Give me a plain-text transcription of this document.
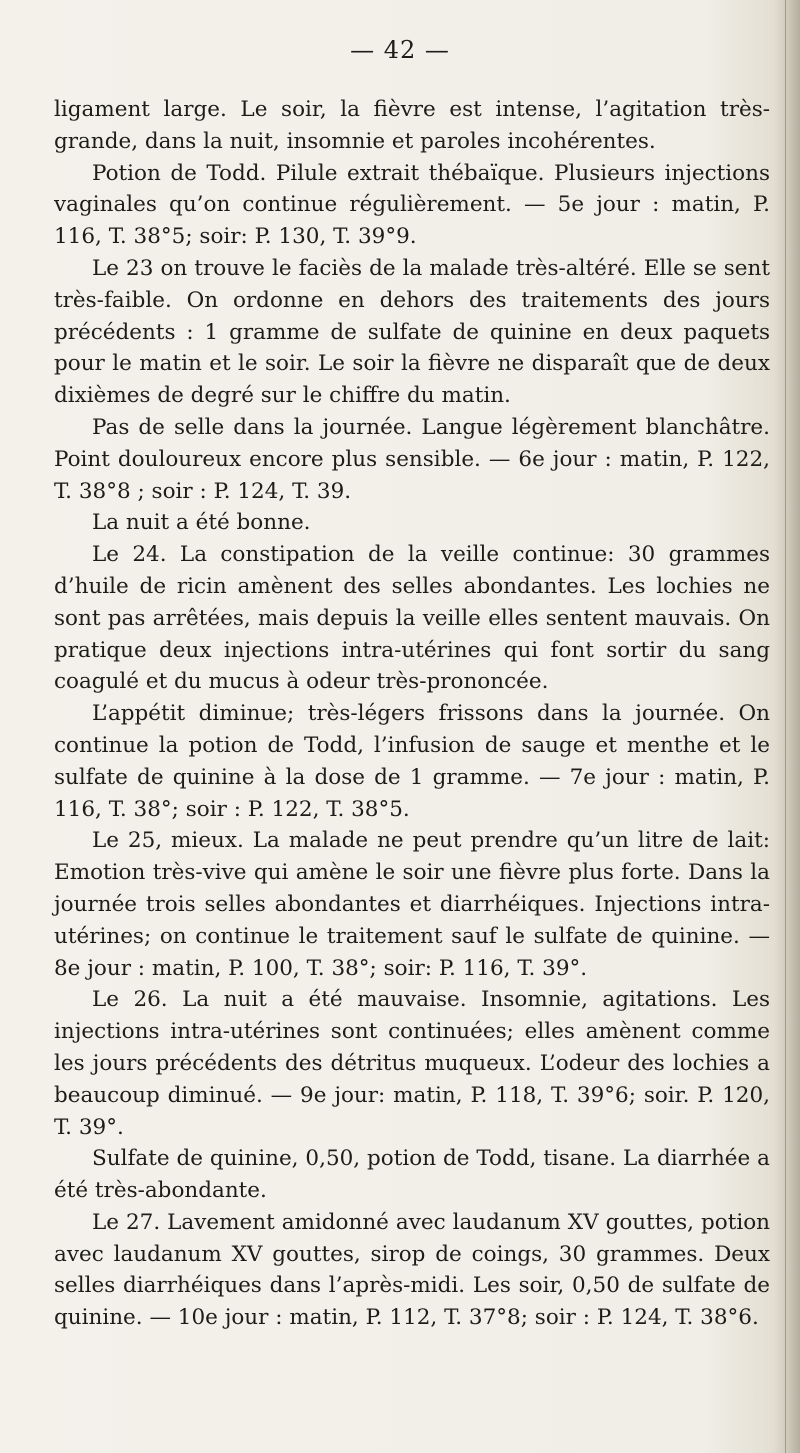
— 42 —

ligament large. Le soir, la fièvre est intense, l’agitation très-grande, dans la nuit, insomnie et paroles incohérentes.

Potion de Todd. Pilule extrait thébaïque. Plusieurs injections vaginales qu’on continue régulièrement. — 5e jour : matin, P. 116, T. 38°5; soir: P. 130, T. 39°9.

Le 23 on trouve le faciès de la malade très-altéré. Elle se sent très-faible. On ordonne en dehors des traitements des jours précédents : 1 gramme de sulfate de quinine en deux paquets pour le matin et le soir. Le soir la fièvre ne disparaît que de deux dixièmes de degré sur le chiffre du matin.

Pas de selle dans la journée. Langue légèrement blanchâtre. Point douloureux encore plus sensible. — 6e jour : matin, P. 122, T. 38°8 ; soir : P. 124, T. 39.

La nuit a été bonne.

Le 24. La constipation de la veille continue: 30 grammes d’huile de ricin amènent des selles abondantes. Les lochies ne sont pas arrêtées, mais depuis la veille elles sentent mauvais. On pratique deux injections intra-utérines qui font sortir du sang coagulé et du mucus à odeur très-prononcée.

L’appétit diminue; très-légers frissons dans la journée. On continue la potion de Todd, l’infusion de sauge et menthe et le sulfate de quinine à la dose de 1 gramme. — 7e jour : matin, P. 116, T. 38°; soir : P. 122, T. 38°5.

Le 25, mieux. La malade ne peut prendre qu’un litre de lait: Emotion très-vive qui amène le soir une fièvre plus forte. Dans la journée trois selles abondantes et diarrhéiques. Injections intra-utérines; on continue le traitement sauf le sulfate de quinine. — 8e jour : matin, P. 100, T. 38°; soir: P. 116, T. 39°.

Le 26. La nuit a été mauvaise. Insomnie, agitations. Les injections intra-utérines sont continuées; elles amènent comme les jours précédents des détritus muqueux. L’odeur des lochies a beaucoup diminué. — 9e jour: matin, P. 118, T. 39°6; soir. P. 120, T. 39°.

Sulfate de quinine, 0,50, potion de Todd, tisane. La diarrhée a été très-abondante.

Le 27. Lavement amidonné avec laudanum XV gouttes, potion avec laudanum XV gouttes, sirop de coings, 30 grammes. Deux selles diarrhéiques dans l’après-midi. Les soir, 0,50 de sulfate de quinine. — 10e jour : matin, P. 112, T. 37°8; soir : P. 124, T. 38°6.
